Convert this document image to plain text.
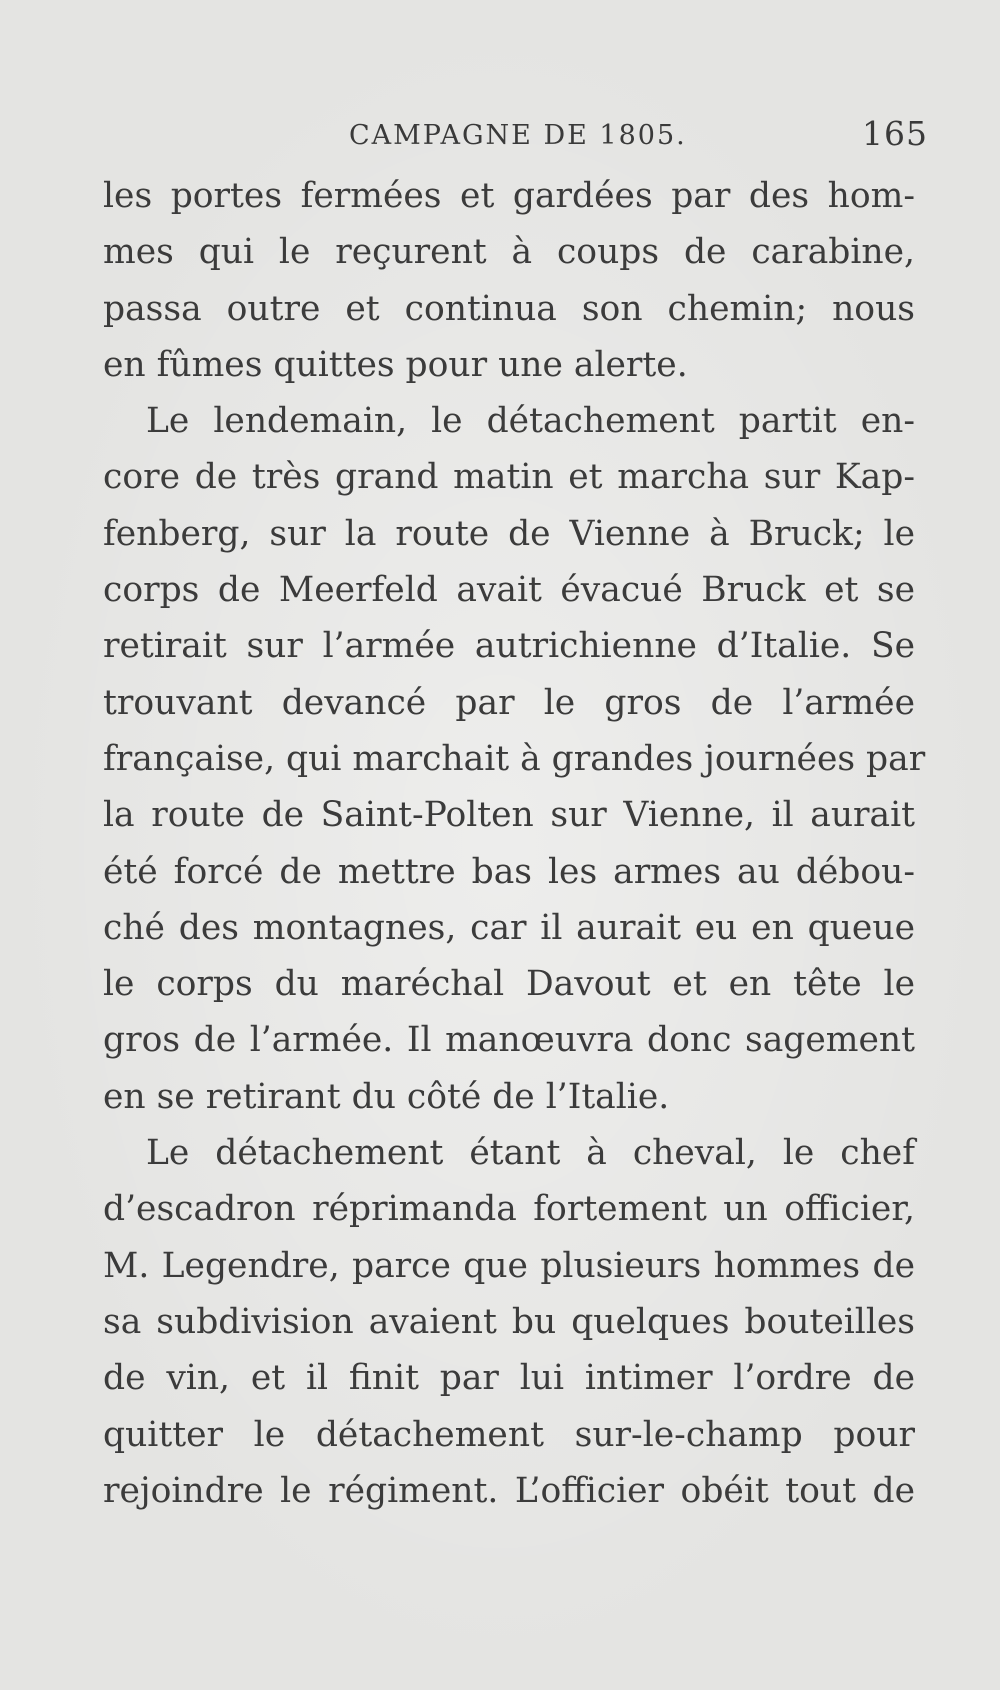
CAMPAGNE DE 1805.	165
les portes fermées et gardées par des hom-
mes qui le reçurent à coups de carabine,
passa outre et continua son chemin; nous
en fûmes quittes pour une alerte.
Le lendemain, le détachement partit en-
core de très grand matin et marcha sur Kap-
fenberg, sur la route de Vienne à Bruck; le
corps de Meerfeld avait évacué Bruck et se
retirait sur l’armée autrichienne d’Italie. Se
trouvant devancé par le gros de l’armée
française, qui marchait à grandes journées par
la route de Saint-Polten sur Vienne, il aurait
été forcé de mettre bas les armes au débou-
ché des montagnes, car il aurait eu en queue
le corps du maréchal Davout et en tête le
gros de l’armée. Il manœuvra donc sagement
en se retirant du côté de l’Italie.
Le détachement étant à cheval, le chef
d’escadron réprimanda fortement un officier,
M. Legendre, parce que plusieurs hommes de
sa subdivision avaient bu quelques bouteilles
de vin, et il finit par lui intimer l’ordre de
quitter le détachement sur-le-champ pour
rejoindre le régiment. L’officier obéit tout de
